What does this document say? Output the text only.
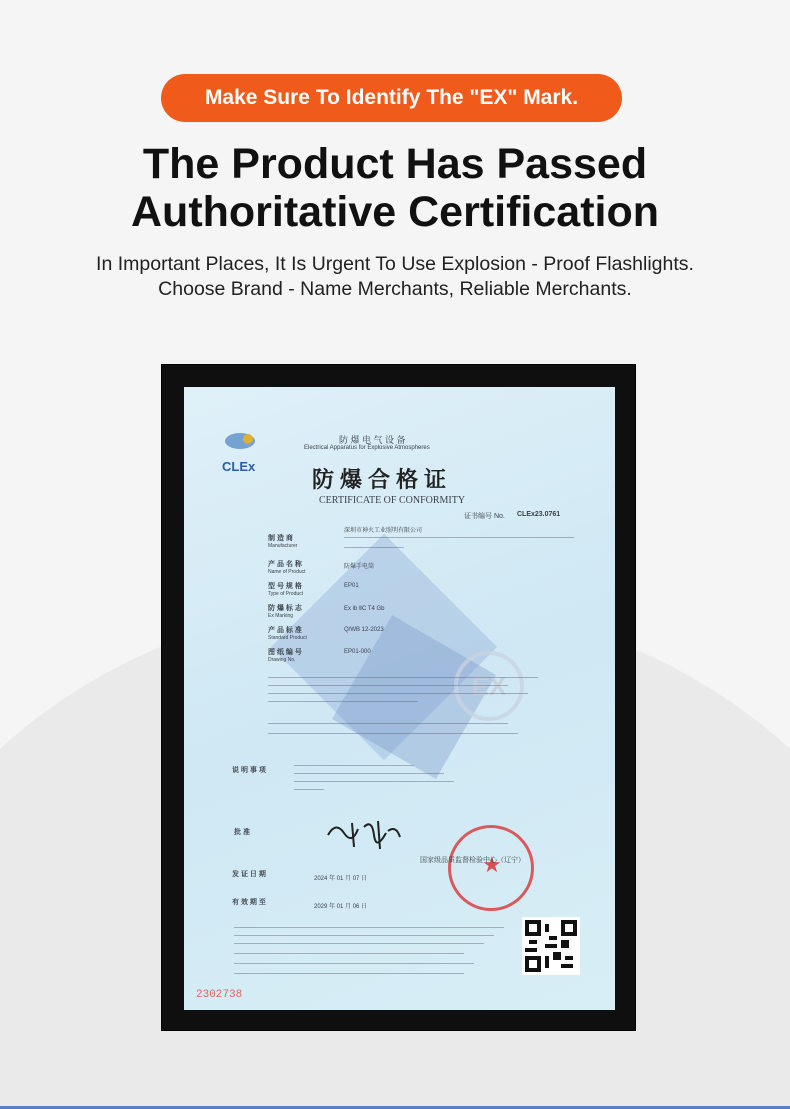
Make Sure To Identify The "EX" Mark.
The Product Has Passed
Authoritative Certification
In Important Places, It Is Urgent To Use Explosion - Proof Flashlights.
Choose Brand - Name Merchants, Reliable Merchants.
EX
CLEx
防 爆 电 气 设 备
Electrical Apparatus for Explosive Atmospheres
防爆合格证
CERTIFICATE OF CONFORMITY
证书编号 No. CLEx23.0761
制 造 商
Manufacturer
深圳市神火工业照明有限公司
产 品 名 称
Name of Product
防爆手电筒
型 号 规 格
Type of Product
EP01
防 爆 标 志
Ex Marking
Ex ib ⅡC T4 Gb
产 品 标 准
Standard Product
Q/WB 12-2023
图 纸 编 号
Drawing No.
EP01-000
说 明 事 项
批 准
发 证 日 期
2024 年 01 月 07 日
有 效 期 至
2029 年 01 月 06 日
★
国家级品质监督检验中心（辽宁）
2302738
